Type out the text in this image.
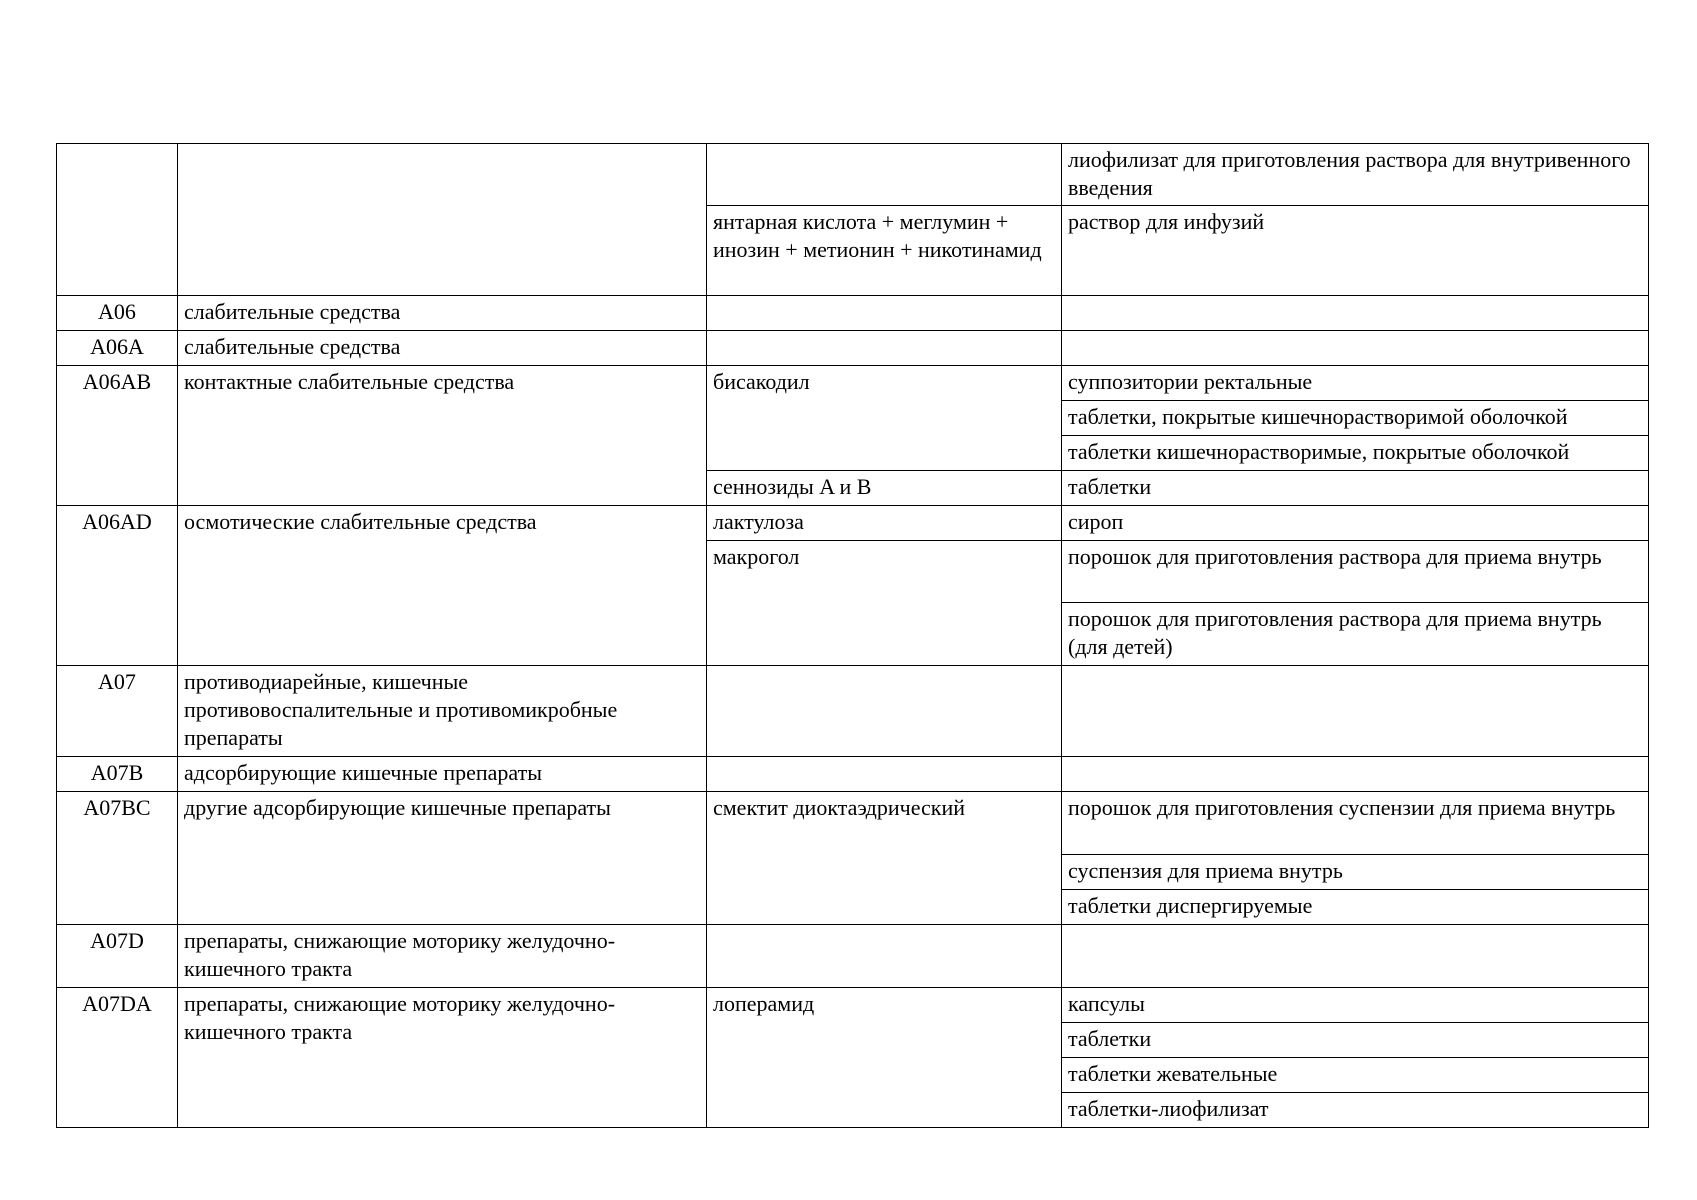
			лиофилизат для приготовления раствора для внутривенного введения
		янтарная кислота + меглумин + инозин + метионин + никотинамид	раствор для инфузий
A06	слабительные средства		
A06A	слабительные средства		
A06AB	контактные слабительные средства	бисакодил	суппозитории ректальные
			таблетки, покрытые кишечнорастворимой оболочкой
			таблетки кишечнорастворимые, покрытые оболочкой
		сеннозиды A и B	таблетки
A06AD	осмотические слабительные средства	лактулоза	сироп
		макрогол	порошок для приготовления раствора для приема внутрь
			порошок для приготовления раствора для приема внутрь (для детей)
A07	противодиарейные, кишечные противовоспалительные и противомикробные препараты		
A07B	адсорбирующие кишечные препараты		
A07BC	другие адсорбирующие кишечные препараты	смектит диоктаэдрический	порошок для приготовления суспензии для приема внутрь
			суспензия для приема внутрь
			таблетки диспергируемые
A07D	препараты, снижающие моторику желудочно-кишечного тракта		
A07DA	препараты, снижающие моторику желудочно-кишечного тракта	лоперамид	капсулы
			таблетки
			таблетки жевательные
			таблетки-лиофилизат
